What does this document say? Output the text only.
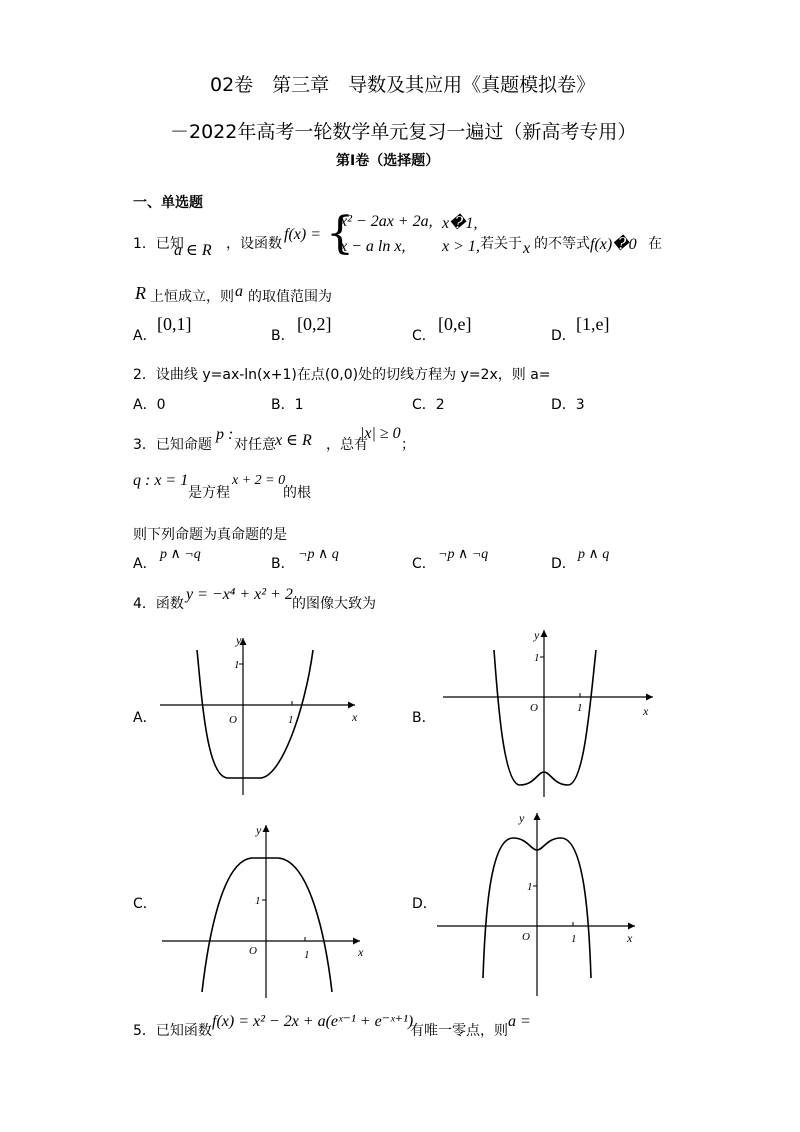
02卷　第三章　导数及其应用《真题模拟卷》
－2022年高考一轮数学单元复习一遍过（新高考专用）
第Ⅰ卷（选择题）
一、单选题
1．已知
a ∈ R ，设函数
f(x) = {
x² − 2ax + 2a, x�1,
x − a ln x, x > 1, 若关于 x 的不等式 f(x)�0 在
R 上恒成立，则 a 的取值范围为
A．
[0,1]
B．
[0,2]
C．
[0,e]
D．
[1,e]
2．设曲线 y=ax-ln(x+1)在点(0,0)处的切线方程为 y=2x，则 a=
A．0	B．1	C．2	D．3
3．已知命题
p :
对任意 x ∈ R ，总有
|x| ≥ 0
；
q : x = 1
是方程
x + 2 = 0
的根
则下列命题为真命题的是
A．
p ∧ ¬q
B．
¬p ∧ q
C．
¬p ∧ ¬q
D．
p ∧ q
4．函数
y = −x⁴ + x² + 2
的图像大致为
A．	B．
C．	D．
1
O	1	x
y
1
O	1	x
y
1
O	1	x
y
1
O	1	x
y
5．已知函数
f(x) = x² − 2x + a(eˣ⁻¹ + e⁻ˣ⁺¹)
有唯一零点，则
a =
